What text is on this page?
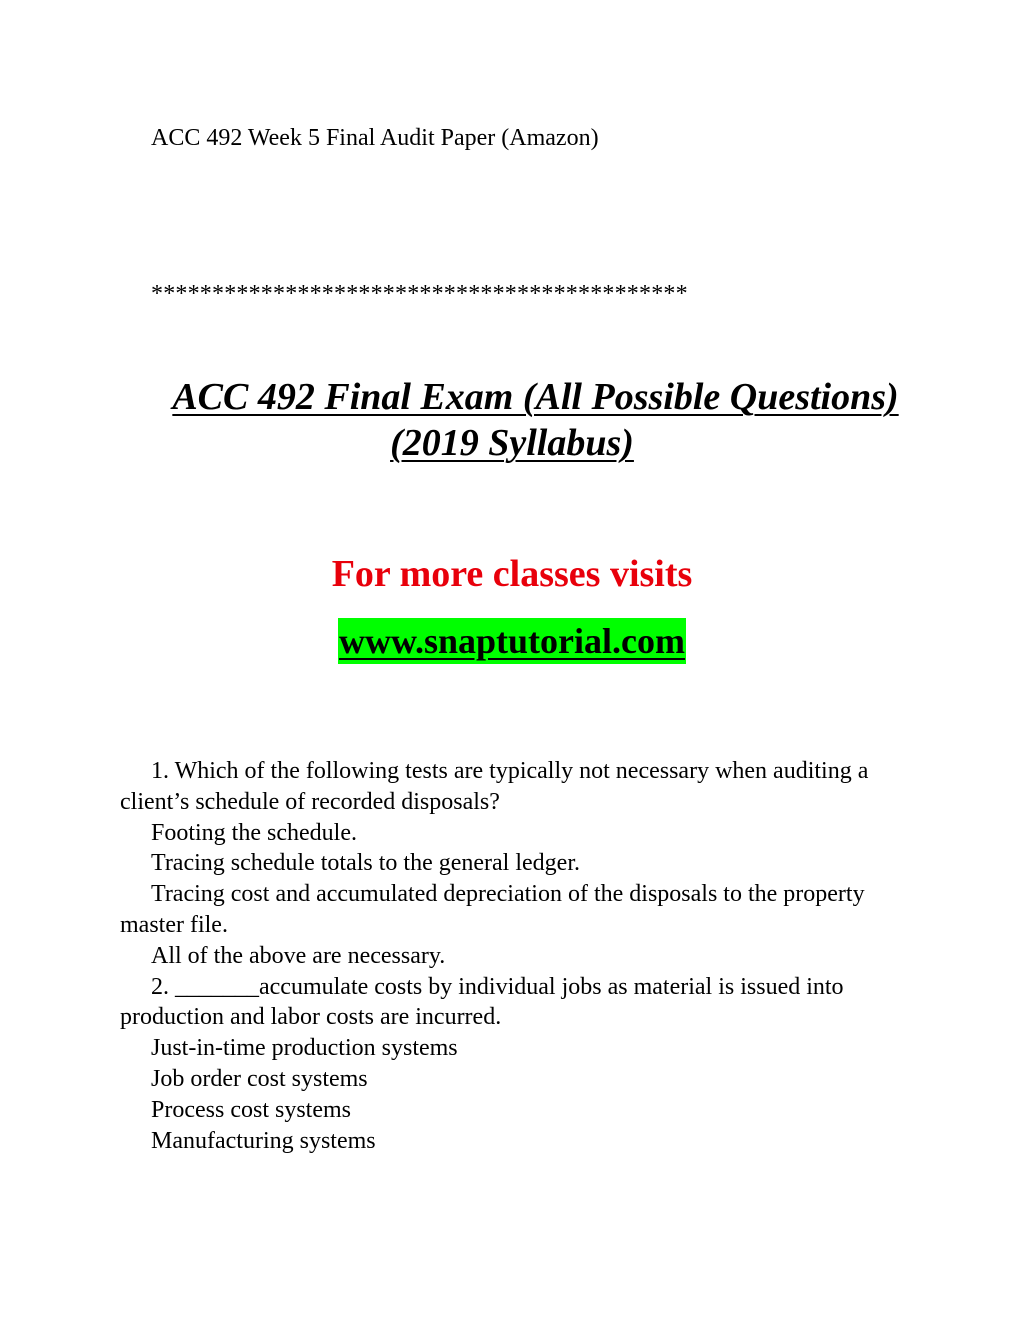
ACC 492 Week 5 Final Audit Paper (Amazon)
********************************************
ACC 492 Final Exam (All Possible Questions)
(2019 Syllabus)
For more classes visits
www.snaptutorial.com

1. Which of the following tests are typically not necessary when auditing a client’s schedule of recorded disposals?

Footing the schedule.

Tracing schedule totals to the general ledger.

Tracing cost and accumulated depreciation of the disposals to the property master file.

All of the above are necessary.

2. _______accumulate costs by individual jobs as material is issued into production and labor costs are incurred.

Just-in-time production systems

Job order cost systems

Process cost systems

Manufacturing systems
